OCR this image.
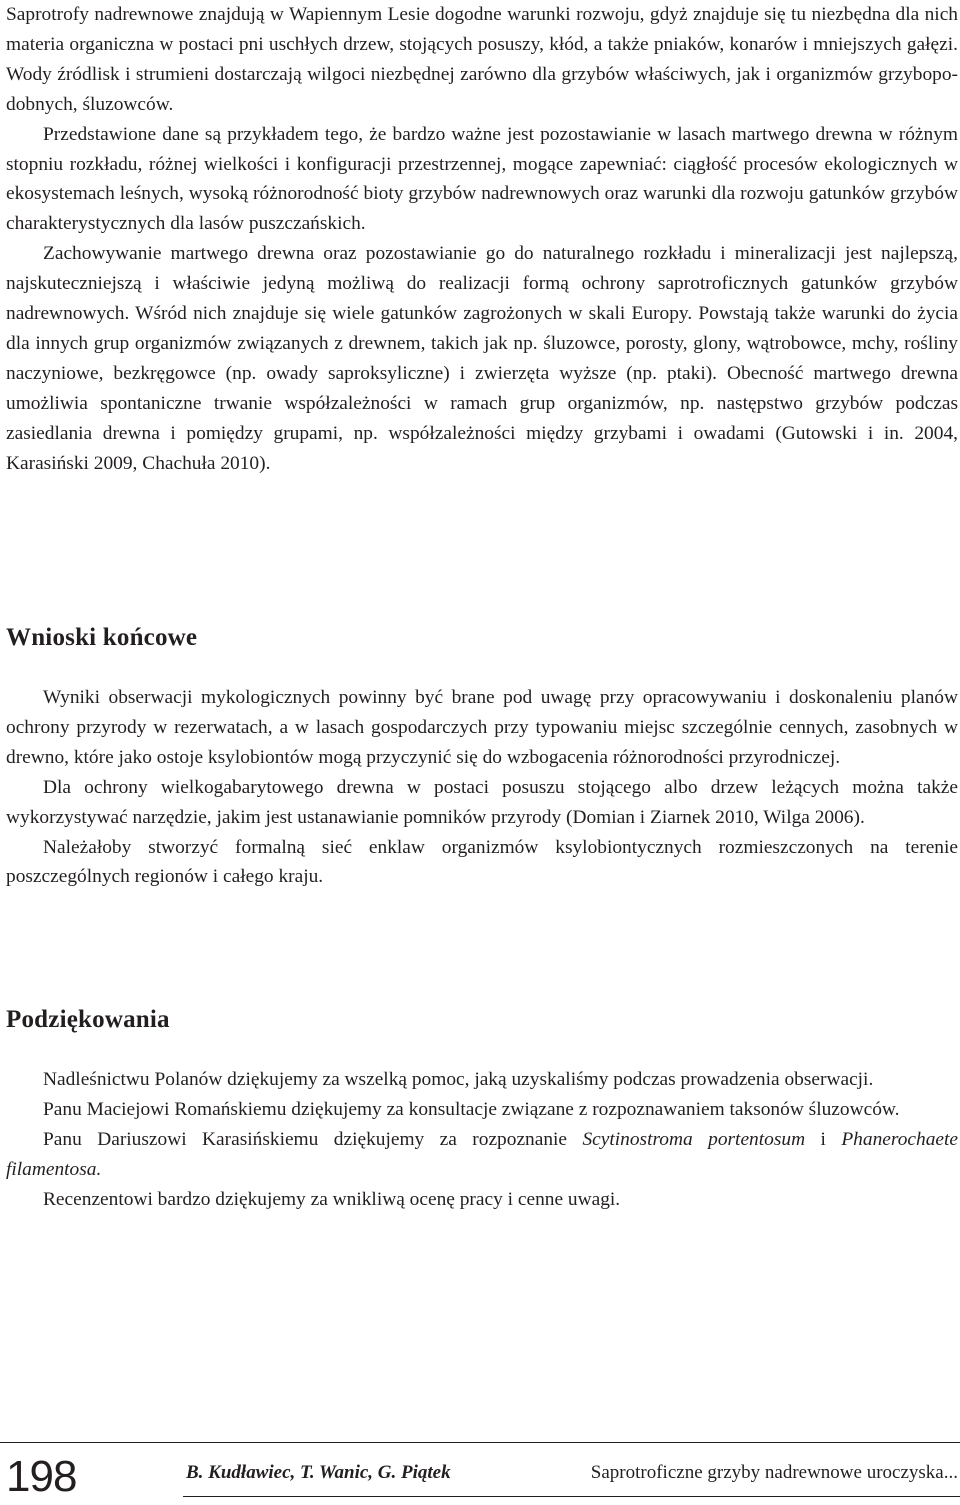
Saprotrofy nadrewnowe znajdują w Wapiennym Lesie dogodne warunki rozwoju, gdyż znajduje się tu niezbędna dla nich materia organiczna w postaci pni uschłych drzew, stojących posuszy, kłód, a także pniaków, konarów i mniejszych gałęzi. Wody źródlisk i strumieni dostarczają wilgoci niezbędnej zarówno dla grzybów właściwych, jak i organizmów grzybopodobnych, śluzowców.

Przedstawione dane są przykładem tego, że bardzo ważne jest pozostawianie w lasach martwego drewna w różnym stopniu rozkładu, różnej wielkości i konfiguracji przestrzennej, mogące zapewniać: ciągłość procesów ekologicznych w ekosystemach leśnych, wysoką różnorodność bioty grzybów nadrewnowych oraz warunki dla rozwoju gatunków grzybów charakterystycznych dla lasów puszczańskich.

Zachowywanie martwego drewna oraz pozostawianie go do naturalnego rozkładu i mineralizacji jest najlepszą, najskuteczniejszą i właściwie jedyną możliwą do realizacji formą ochrony saprotroficznych gatunków grzybów nadrewnowych. Wśród nich znajduje się wiele gatunków zagrożonych w skali Europy. Powstają także warunki do życia dla innych grup organizmów związanych z drewnem, takich jak np. śluzowce, porosty, glony, wątrobowce, mchy, rośliny naczyniowe, bezkręgowce (np. owady saproksyliczne) i zwierzęta wyższe (np. ptaki). Obecność martwego drewna umożliwia spontaniczne trwanie współzależności w ramach grup organizmów, np. następstwo grzybów podczas zasiedlania drewna i pomiędzy grupami, np. współzależności między grzybami i owadami (Gutowski i in. 2004, Karasiński 2009, Chachuła 2010).

Wnioski końcowe

Wyniki obserwacji mykologicznych powinny być brane pod uwagę przy opracowywaniu i doskonaleniu planów ochrony przyrody w rezerwatach, a w lasach gospodarczych przy typowaniu miejsc szczególnie cennych, zasobnych w drewno, które jako ostoje ksylobiontów mogą przyczynić się do wzbogacenia różnorodności przyrodniczej.

Dla ochrony wielkogabarytowego drewna w postaci posuszu stojącego albo drzew leżących można także wykorzystywać narzędzie, jakim jest ustanawianie pomników przyrody (Domian i Ziarnek 2010, Wilga 2006).

Należałoby stworzyć formalną sieć enklaw organizmów ksylobiontycznych rozmieszczonych na terenie poszczególnych regionów i całego kraju.

Podziękowania

Nadleśnictwu Polanów dziękujemy za wszelką pomoc, jaką uzyskaliśmy podczas prowadzenia obserwacji.

Panu Maciejowi Romańskiemu dziękujemy za konsultacje związane z rozpoznawaniem taksonów śluzowców.

Panu Dariuszowi Karasińskiemu dziękujemy za rozpoznanie Scytinostroma portentosum i Phanerochaete filamentosa.

Recenzentowi bardzo dziękujemy za wnikliwą ocenę pracy i cenne uwagi.

198	B. Kudławiec, T. Wanic, G. Piątek	Saprotroficzne grzyby nadrewnowe uroczyska...
